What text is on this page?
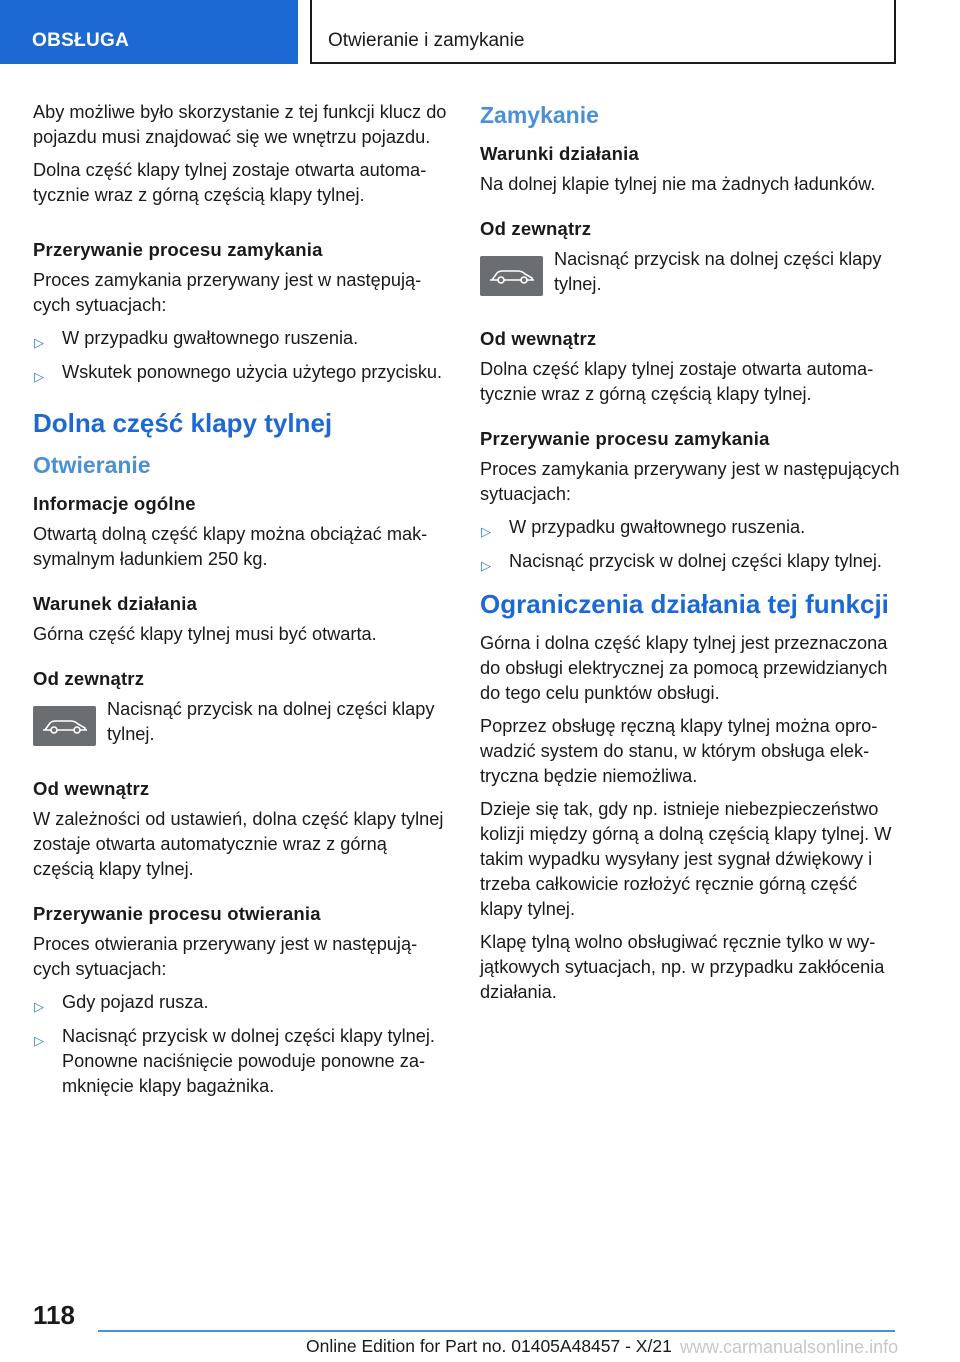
OBSŁUGA	Otwieranie i zamykanie

Aby możliwe było skorzystanie z tej funkcji klucz do pojazdu musi znajdować się we wnętrzu pojazdu.

Dolna część klapy tylnej zostaje otwarta automatycznie wraz z górną częścią klapy tylnej.

Przerywanie procesu zamykania

Proces zamykania przerywany jest w następujących sytuacjach:

▷ W przypadku gwałtownego ruszenia.
▷ Wskutek ponownego użycia użytego przycisku.
Dolna część klapy tylnej
Otwieranie
Informacje ogólne

Otwartą dolną część klapy można obciążać maksymalnym ładunkiem 250 kg.

Warunek działania

Górna część klapy tylnej musi być otwarta.

Od zewnątrz

Nacisnąć przycisk na dolnej części klapy tylnej.

Od wewnątrz

W zależności od ustawień, dolna część klapy tylnej zostaje otwarta automatycznie wraz z górną częścią klapy tylnej.

Przerywanie procesu otwierania

Proces otwierania przerywany jest w następujących sytuacjach:

▷ Gdy pojazd rusza.
▷ Nacisnąć przycisk w dolnej części klapy tylnej. Ponowne naciśnięcie powoduje ponowne zamknięcie klapy bagażnika.
Zamykanie
Warunki działania

Na dolnej klapie tylnej nie ma żadnych ładunków.

Od zewnątrz

Nacisnąć przycisk na dolnej części klapy tylnej.

Od wewnątrz

Dolna część klapy tylnej zostaje otwarta automatycznie wraz z górną częścią klapy tylnej.

Przerywanie procesu zamykania

Proces zamykania przerywany jest w następujących sytuacjach:

▷ W przypadku gwałtownego ruszenia.
▷ Nacisnąć przycisk w dolnej części klapy tylnej.
Ograniczenia działania tej funkcji

Górna i dolna część klapy tylnej jest przeznaczona do obsługi elektrycznej za pomocą przewidzianych do tego celu punktów obsługi.

Poprzez obsługę ręczną klapy tylnej można oprowadzić system do stanu, w którym obsługa elektryczna będzie niemożliwa.

Dzieje się tak, gdy np. istnieje niebezpieczeństwo kolizji między górną a dolną częścią klapy tylnej. W takim wypadku wysyłany jest sygnał dźwiękowy i trzeba całkowicie rozłożyć ręcznie górną część klapy tylnej.

Klapę tylną wolno obsługiwać ręcznie tylko w wyjątkowych sytuacjach, np. w przypadku zakłócenia działania.

118
Online Edition for Part no. 01405A48457 - X/21 www.carmanualsonline.info
